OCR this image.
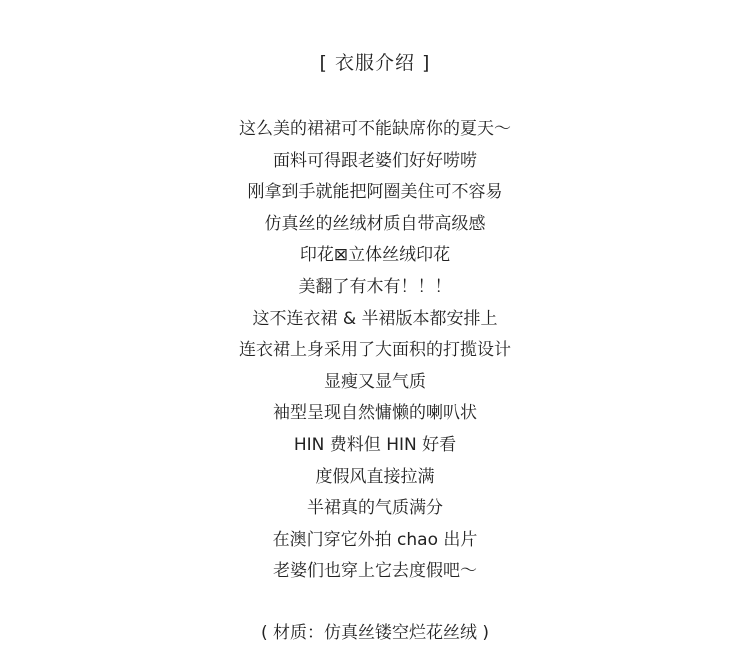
[ 衣服介绍 ]
这么美的裙裙可不能缺席你的夏天～
面料可得跟老婆们好好唠唠
刚拿到手就能把阿圈美住可不容易
仿真丝的丝绒材质自带高级感
印花⊠立体丝绒印花
美翻了有木有！！！
这不连衣裙 & 半裙版本都安排上
连衣裙上身采用了大面积的打揽设计
显瘦又显气质
袖型呈现自然慵懒的喇叭状
HIN 费料但 HIN 好看
度假风直接拉满
半裙真的气质满分
在澳门穿它外拍 chao 出片
老婆们也穿上它去度假吧～
( 材质：仿真丝镂空烂花丝绒 )
